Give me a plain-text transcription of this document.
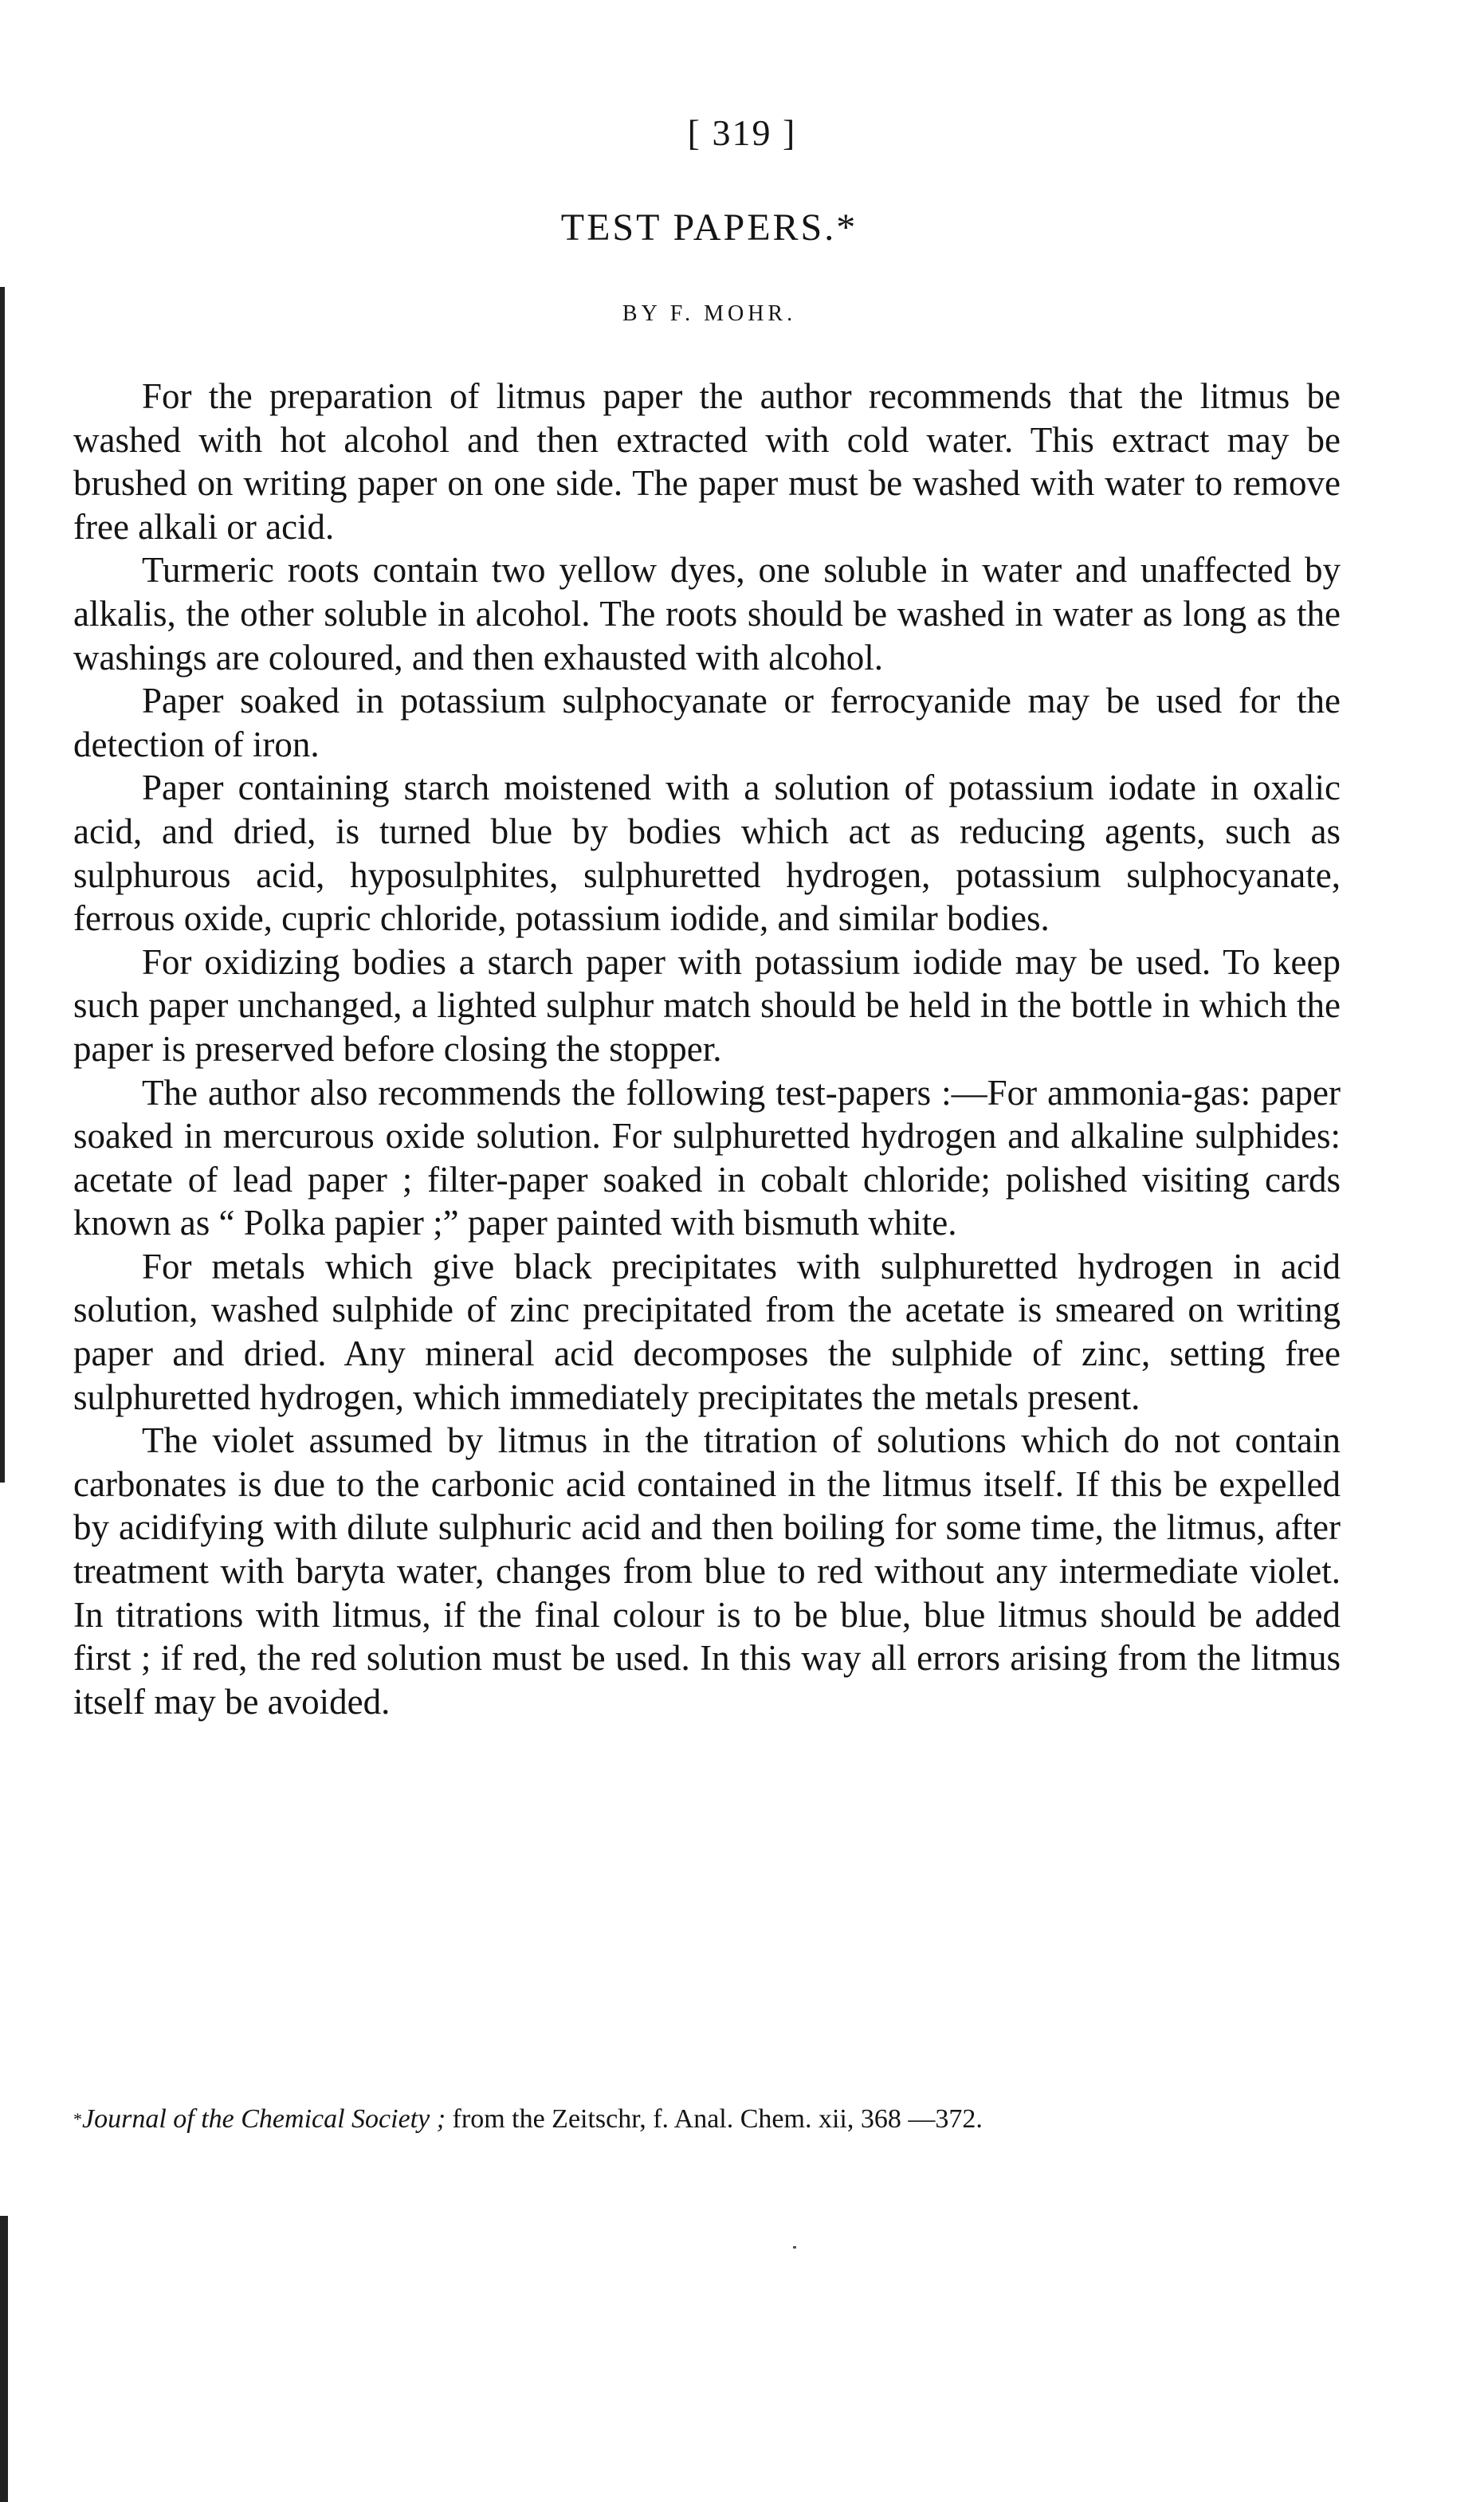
[ 319 ]
TEST PAPERS.*
BY F. MOHR.

For the preparation of litmus paper the author recommends that the litmus be washed with hot alcohol and then extracted with cold water. This extract may be brushed on writing paper on one side. The paper must be washed with water to remove free alkali or acid.

Turmeric roots contain two yellow dyes, one soluble in water and unaffected by alkalis, the other soluble in alcohol. The roots should be washed in water as long as the washings are coloured, and then exhausted with alcohol.

Paper soaked in potassium sulphocyanate or ferrocyanide may be used for the detection of iron.

Paper containing starch moistened with a solution of potassium iodate in oxalic acid, and dried, is turned blue by bodies which act as reducing agents, such as sulphurous acid, hyposulphites, sulphuretted hydrogen, potassium sulphocyanate, ferrous oxide, cupric chloride, potassium iodide, and similar bodies.

For oxidizing bodies a starch paper with potassium iodide may be used. To keep such paper unchanged, a lighted sulphur match should be held in the bottle in which the paper is preserved before closing the stopper.

The author also recommends the following test-papers :—For ammonia-gas: paper soaked in mercurous oxide solution. For sulphuretted hydrogen and alkaline sulphides: acetate of lead paper ; filter-paper soaked in cobalt chloride; polished visiting cards known as “ Polka papier ;” paper painted with bismuth white.

For metals which give black precipitates with sulphuretted hydrogen in acid solution, washed sulphide of zinc precipitated from the acetate is smeared on writing paper and dried. Any mineral acid decomposes the sulphide of zinc, setting free sulphuretted hydrogen, which immediately precipitates the metals present.

The violet assumed by litmus in the titration of solutions which do not contain carbonates is due to the carbonic acid contained in the litmus itself. If this be expelled by acidifying with dilute sulphuric acid and then boiling for some time, the litmus, after treatment with baryta water, changes from blue to red without any intermediate violet. In titrations with litmus, if the final colour is to be blue, blue litmus should be added first ; if red, the red solution must be used. In this way all errors arising from the litmus itself may be avoided.

*Journal of the Chemical Society ; from the Zeitschr, f. Anal. Chem. xii, 368 —372.
